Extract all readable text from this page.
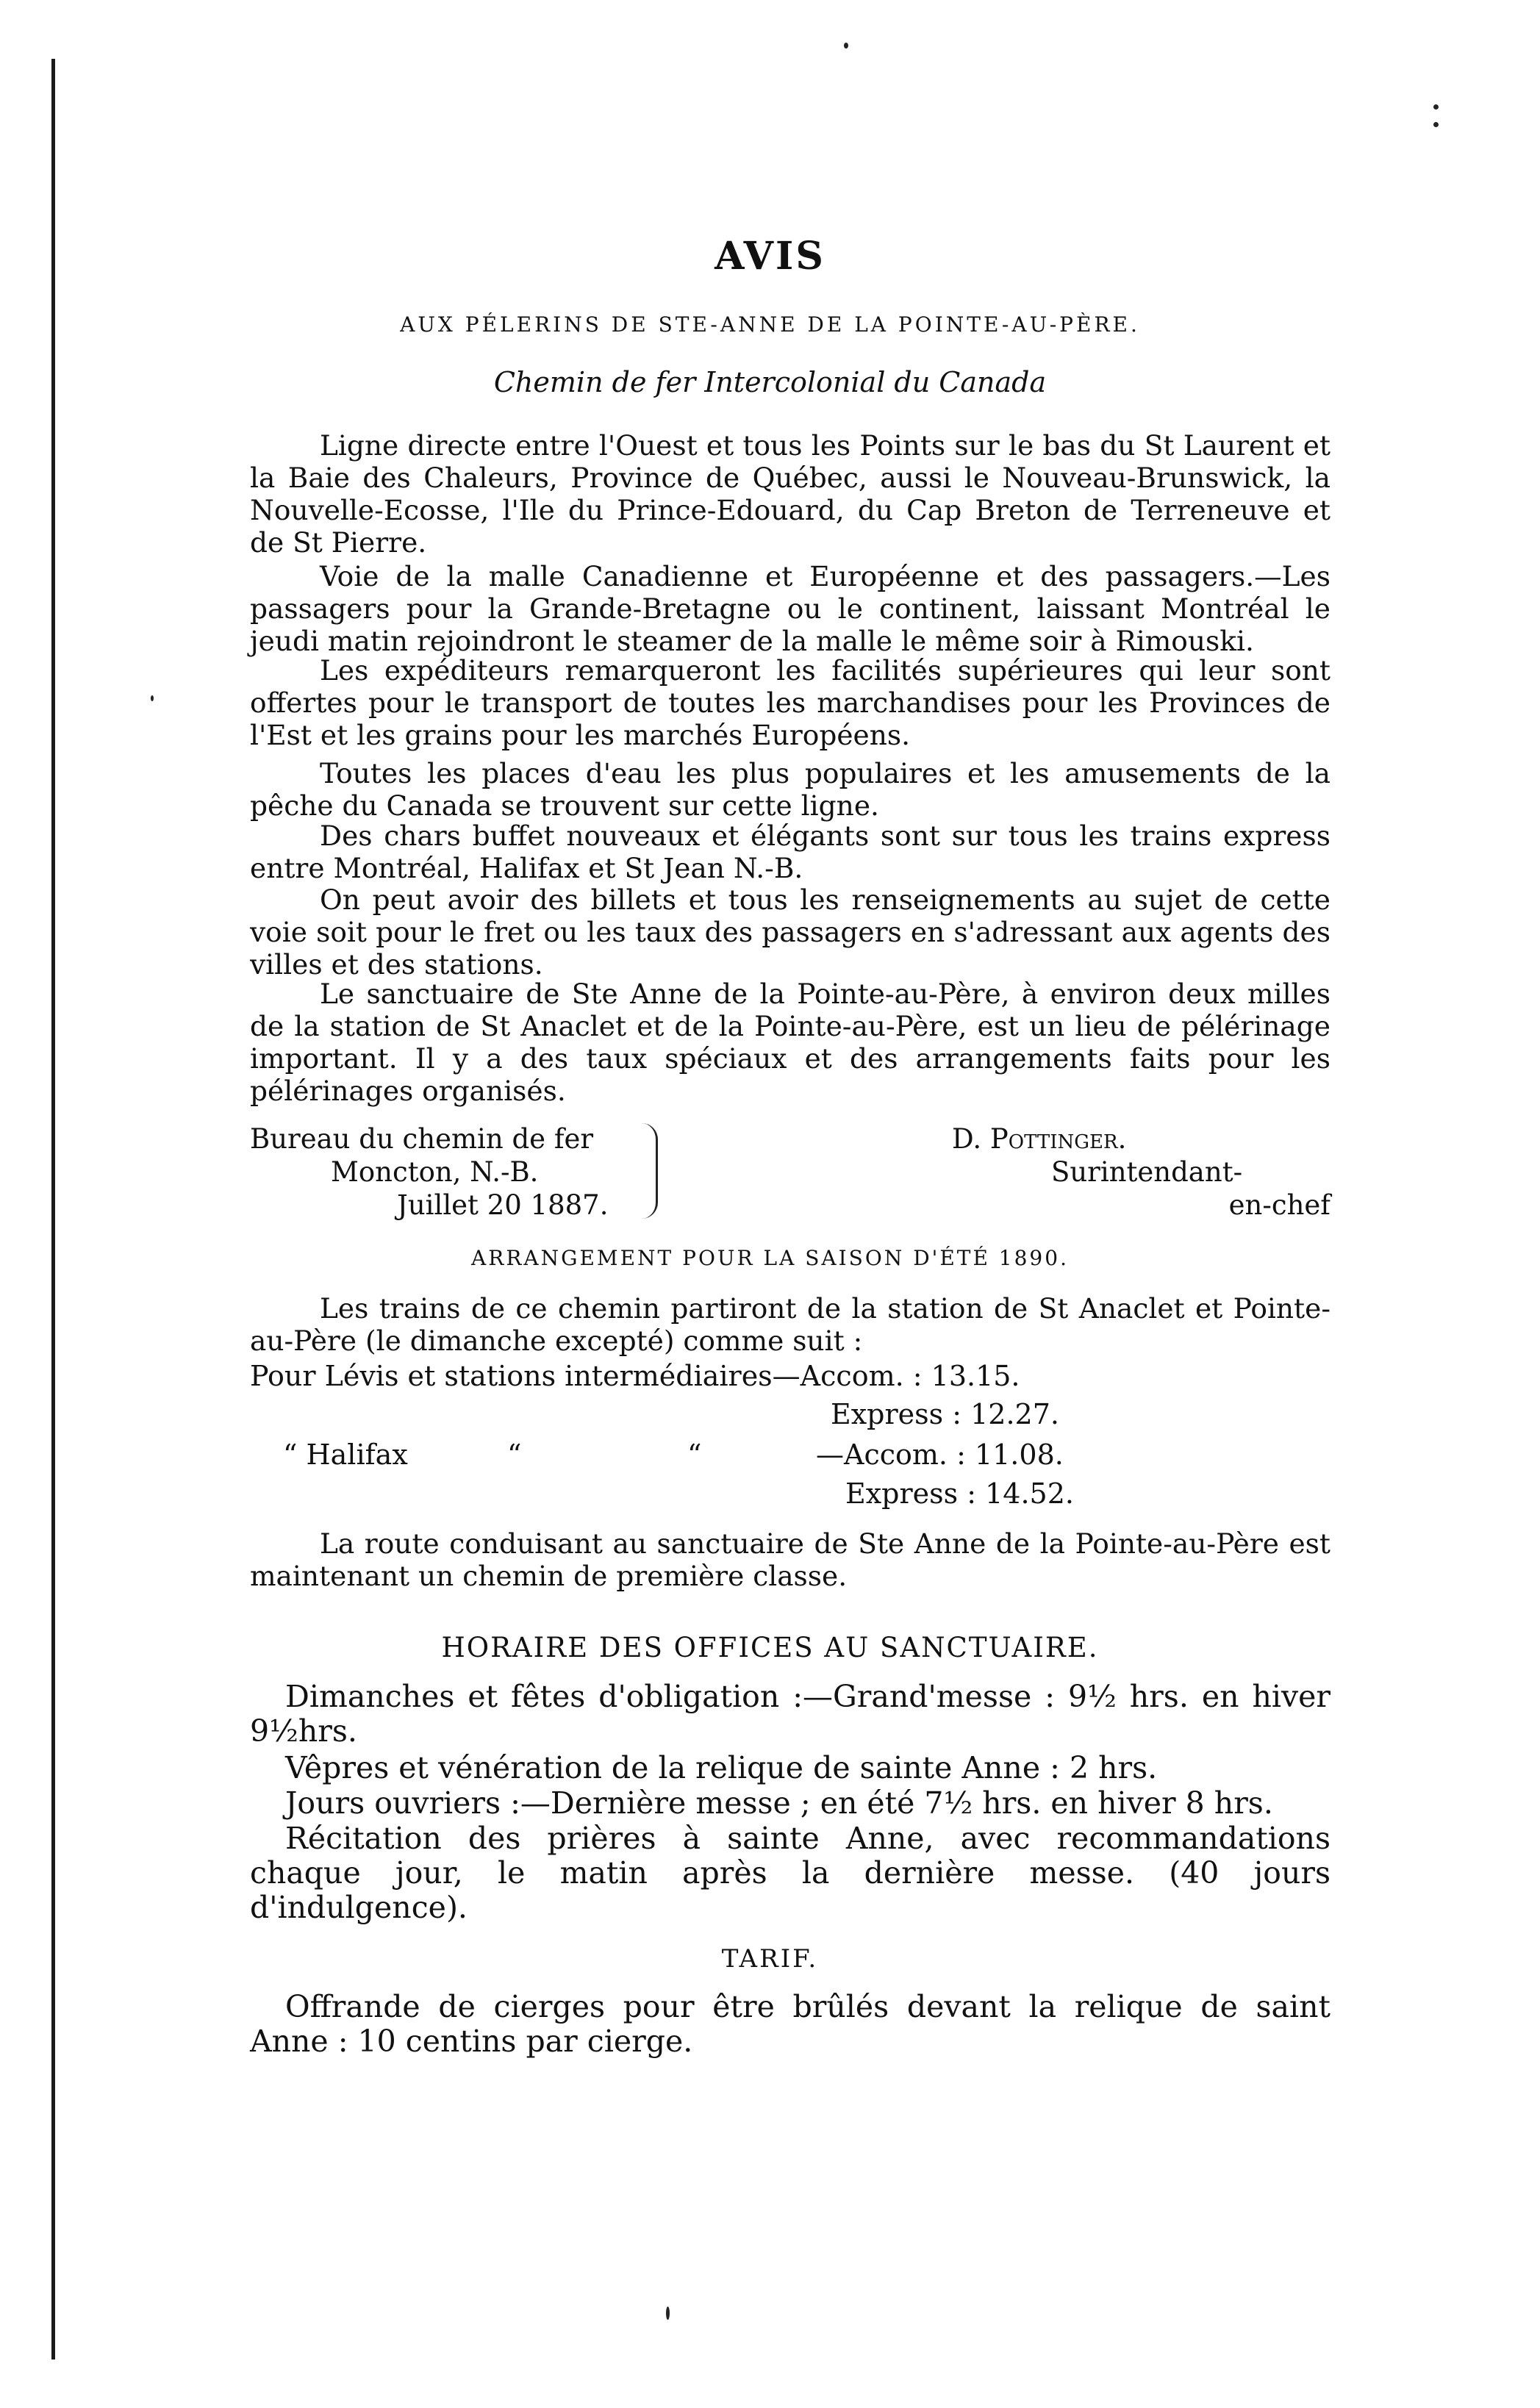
AVIS
AUX PÉLERINS DE STE-ANNE DE LA POINTE-AU-PÈRE.
Chemin de fer Intercolonial du Canada

Ligne directe entre l'Ouest et tous les Points sur le bas du St Laurent et la Baie des Chaleurs, Province de Québec, aussi le Nouveau-Brunswick, la Nouvelle-Ecosse, l'Ile du Prince-Edouard, du Cap Breton de Terreneuve et de St Pierre.

Voie de la malle Canadienne et Européenne et des passagers.—Les passagers pour la Grande-Bretagne ou le continent, laissant Montréal le jeudi matin rejoindront le steamer de la malle le même soir à Rimouski.

Les expéditeurs remarqueront les facilités supérieures qui leur sont offertes pour le transport de toutes les marchandises pour les Provinces de l'Est et les grains pour les marchés Européens.

Toutes les places d'eau les plus populaires et les amusements de la pêche du Canada se trouvent sur cette ligne.

Des chars buffet nouveaux et élégants sont sur tous les trains express entre Montréal, Halifax et St Jean N.-B.

On peut avoir des billets et tous les renseignements au sujet de cette voie soit pour le fret ou les taux des passagers en s'adressant aux agents des villes et des stations.

Le sanctuaire de Ste Anne de la Pointe-au-Père, à environ deux milles de la station de St Anaclet et de la Pointe-au-Père, est un lieu de pélérinage important. Il y a des taux spéciaux et des arrangements faits pour les pélérinages organisés.

Bureau du chemin de fer
Moncton, N.-B.
Juillet 20 1887.
D. Pottinger.
Surintendant-
en-chef
ARRANGEMENT POUR LA SAISON D'ÉTÉ 1890.

Les trains de ce chemin partiront de la station de St Anaclet et Pointe-au-Père (le dimanche excepté) comme suit :

Pour Lévis et stations intermédiaires—Accom. : 13.15.
Express : 12.27.
“ Halifax	“	“	—Accom. : 11.08.
Express : 14.52.

La route conduisant au sanctuaire de Ste Anne de la Pointe-au-Père est maintenant un chemin de première classe.

HORAIRE DES OFFICES AU SANCTUAIRE.

Dimanches et fêtes d'obligation :—Grand'messe : 9½ hrs. en hiver 9½hrs.

Vêpres et vénération de la relique de sainte Anne : 2 hrs.

Jours ouvriers :—Dernière messe ; en été 7½ hrs. en hiver 8 hrs.

Récitation des prières à sainte Anne, avec recommandations chaque jour, le matin après la dernière messe. (40 jours d'indulgence).

TARIF.

Offrande de cierges pour être brûlés devant la relique de saint Anne : 10 centins par cierge.
